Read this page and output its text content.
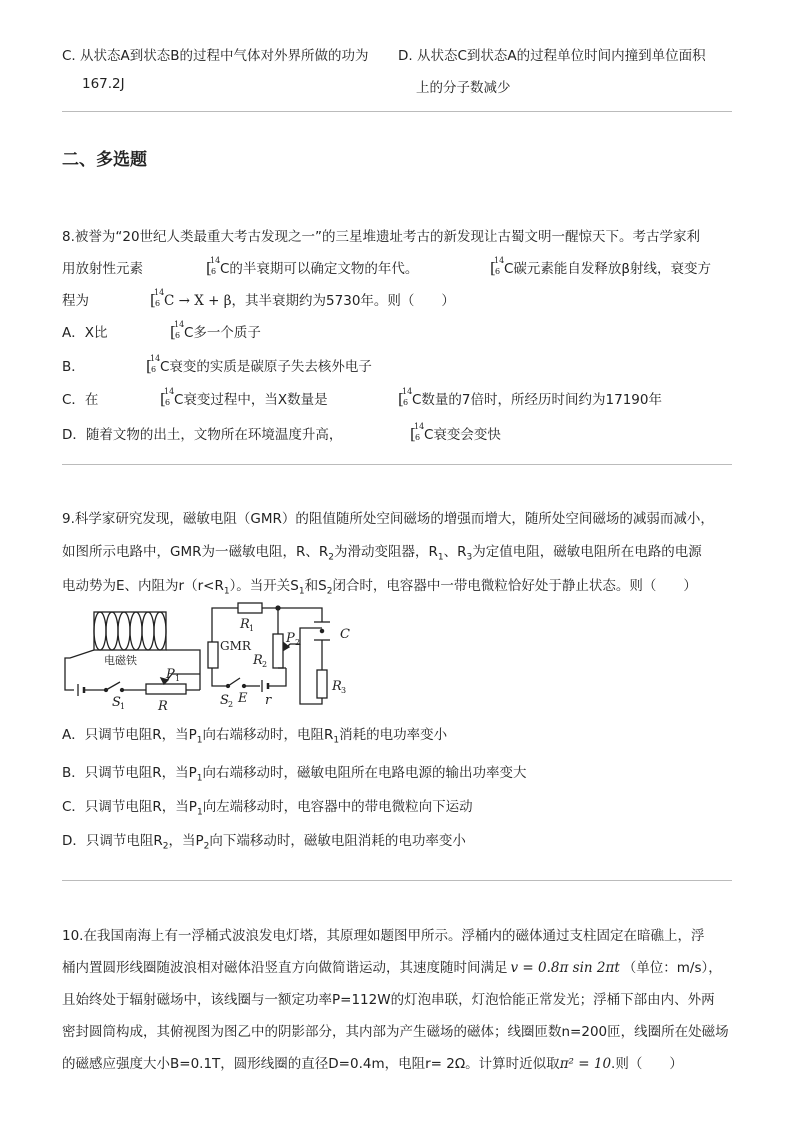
C. 从状态A到状态B的过程中气体对外界所做的功为
167.2J
D. 从状态C到状态A的过程单位时间内撞到单位面积
上的分子数减少
二、多选题
8.被誉为“20世纪人类最重大考古发现之一”的三星堆遗址考古的新发现让古蜀文明一醒惊天下。考古学家利
用放射性元素	[
14
6 C的半衰期可以确定文物的年代。	[
14
6 C碳元素能自发释放β射线，衰变方
程为	[
14
6 C → X + β，其半衰期约为5730年。则（　　）
A．X比	[
14
6 C多一个质子
B．	[
14
6 C衰变的实质是碳原子失去核外电子
C．在	[
14
6 C衰变过程中，当X数量是	[
14
6 C数量的7倍时，所经历时间约为17190年
D．随着文物的出土，文物所在环境温度升高，	[
14
6 C衰变会变快
9.科学家研究发现，磁敏电阻（GMR）的阻值随所处空间磁场的增强而增大，随所处空间磁场的减弱而减小，
如图所示电路中，GMR为一磁敏电阻，R、$R_2$为滑动变阻器，$R_1$、$R_3$为定值电阻，磁敏电阻所在电路的电源
电动势为E、内阻为$r(r<R_1)$。当开关$S_1$和$S_2$闭合时，电容器中一带电微粒恰好处于静止状态。则（　　）
电磁铁
R 1
GMR
R 2
P 2
C
R 3
S 2 E r
S 1	R
P 1
A．只调节电阻R，当$P_1$向右端移动时，电阻$R_1$消耗的电功率变小
B．只调节电阻R，当$P_1$向右端移动时，磁敏电阻所在电路电源的输出功率变大
C．只调节电阻R，当$P_1$向左端移动时，电容器中的带电微粒向下运动
D．只调节电阻$R_2$，当$P_2$向下端移动时，磁敏电阻消耗的电功率变小
10.在我国南海上有一浮桶式波浪发电灯塔，其原理如题图甲所示。浮桶内的磁体通过支柱固定在暗礁上，浮
桶内置圆形线圈随波浪相对磁体沿竖直方向做简谐运动，其速度随时间满足 v = 0.8π sin 2πt （单位：m/s），
且始终处于辐射磁场中，该线圈与一额定功率P=112W的灯泡串联，灯泡恰能正常发光；浮桶下部由内、外两
密封圆筒构成，其俯视图为图乙中的阴影部分，其内部为产生磁场的磁体；线圈匝数n=200匝，线圈所在处磁场
的磁感应强度大小B=0.1T，圆形线圈的直径D=0.4m，电阻r= 2Ω。计算时近似取π² = 10.则（　　）
